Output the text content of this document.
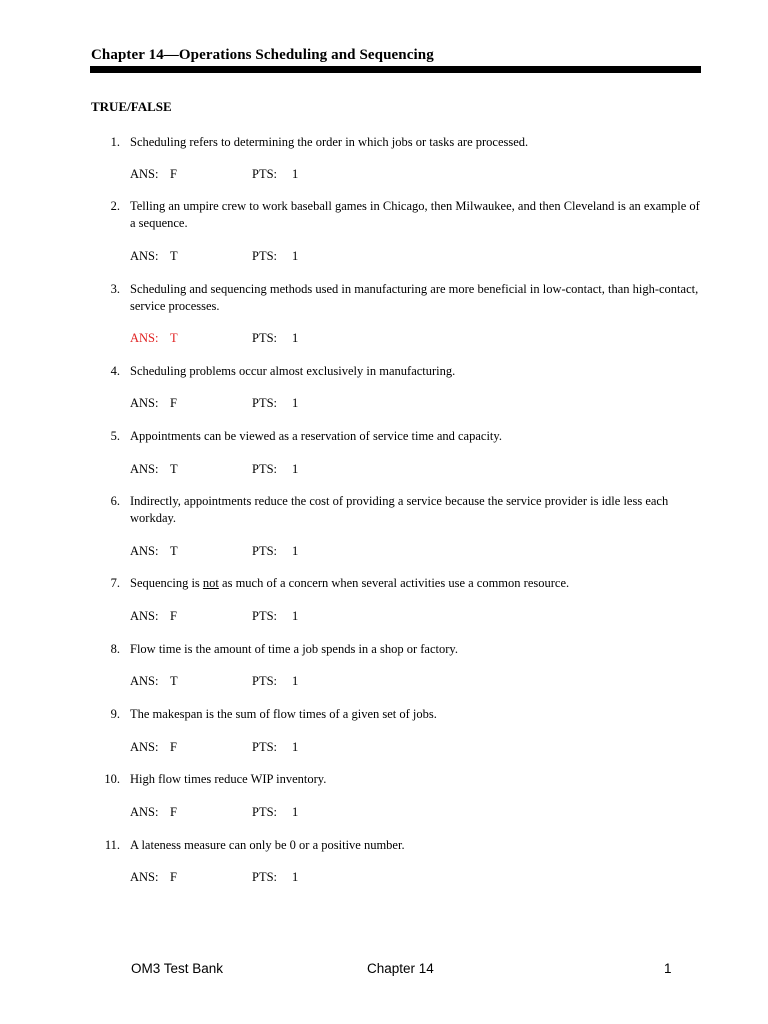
Chapter 14—Operations Scheduling and Sequencing
TRUE/FALSE
1. Scheduling refers to determining the order in which jobs or tasks are processed.
ANS: F	PTS: 1
2. Telling an umpire crew to work baseball games in Chicago, then Milwaukee, and then Cleveland is an example of a sequence.
ANS: T	PTS: 1
3. Scheduling and sequencing methods used in manufacturing are more beneficial in low-contact, than high-contact, service processes.
ANS: T	PTS: 1
4. Scheduling problems occur almost exclusively in manufacturing.
ANS: F	PTS: 1
5. Appointments can be viewed as a reservation of service time and capacity.
ANS: T	PTS: 1
6. Indirectly, appointments reduce the cost of providing a service because the service provider is idle less each workday.
ANS: T	PTS: 1
7. Sequencing is not as much of a concern when several activities use a common resource.
ANS: F	PTS: 1
8. Flow time is the amount of time a job spends in a shop or factory.
ANS: T	PTS: 1
9. The makespan is the sum of flow times of a given set of jobs.
ANS: F	PTS: 1
10. High flow times reduce WIP inventory.
ANS: F	PTS: 1
11. A lateness measure can only be 0 or a positive number.
ANS: F	PTS: 1
OM3 Test Bank	Chapter 14	1
